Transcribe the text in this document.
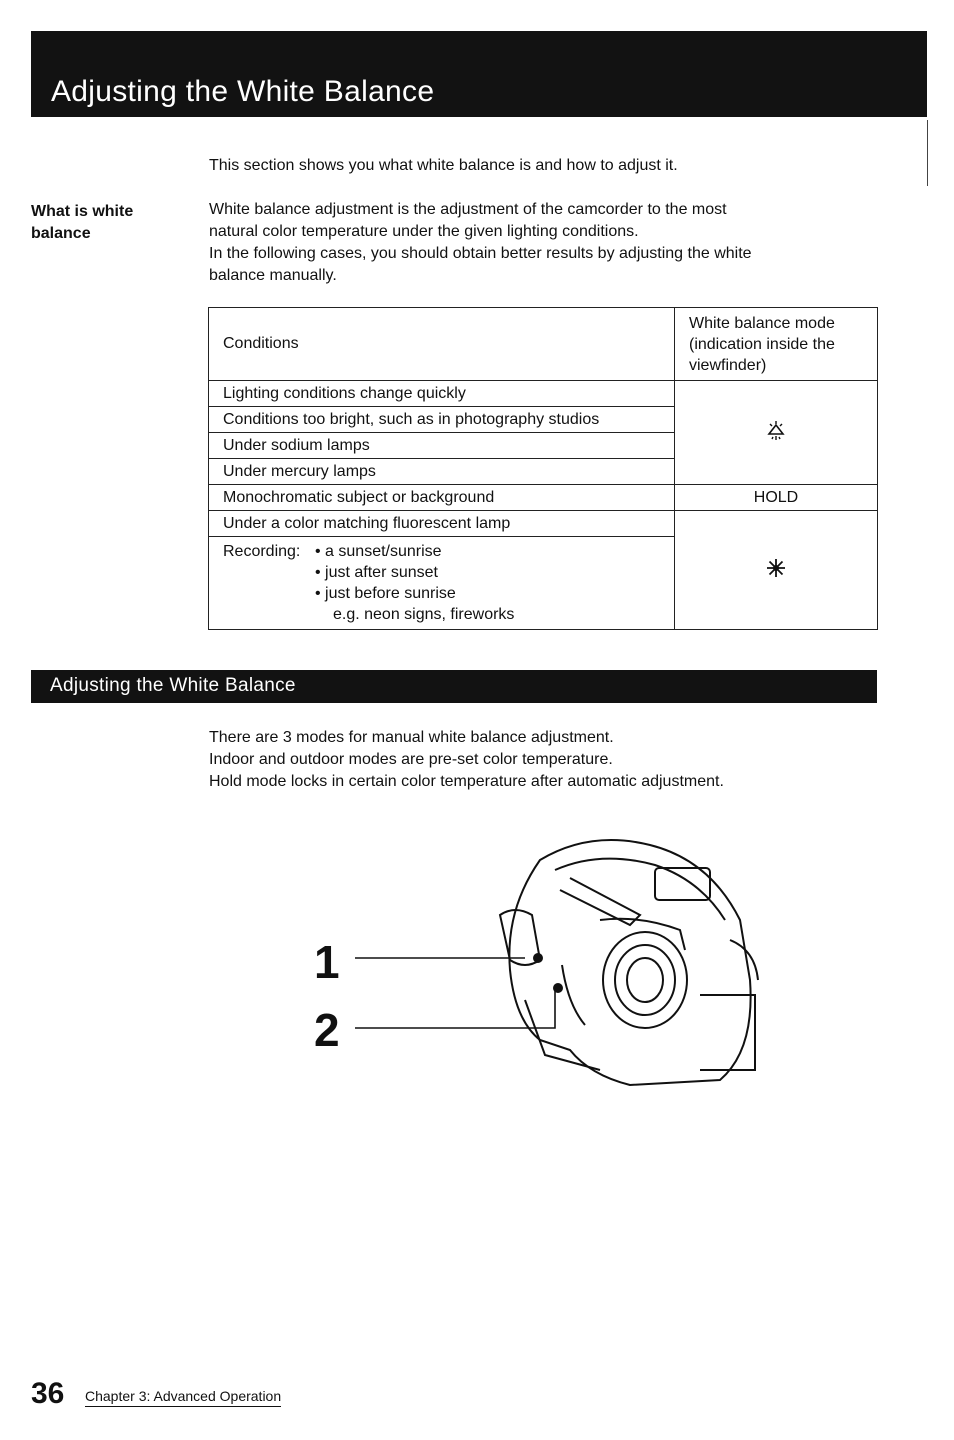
Adjusting the White Balance
This section shows you what white balance is and how to adjust it.
What is white
balance

White balance adjustment is the adjustment of the camcorder to the most

natural color temperature under the given lighting conditions.

In the following cases, you should obtain better results by adjusting the white

balance manually.

Conditions	White balance mode
(indication inside the
viewfinder)

Lighting conditions change quickly	
Conditions too bright, such as in photography studios	
Under sodium lamps	
Under mercury lamps	
Monochromatic subject or background	HOLD
Under a color matching fluorescent lamp	

Recording: • a sunset/sunrise
• just after sunset
• just before sunrise
e.g. neon signs, fireworks	
Adjusting the White Balance

There are 3 modes for manual white balance adjustment.

Indoor and outdoor modes are pre-set color temperature.

Hold mode locks in certain color temperature after automatic adjustment.

1
2
36 Chapter 3: Advanced Operation
